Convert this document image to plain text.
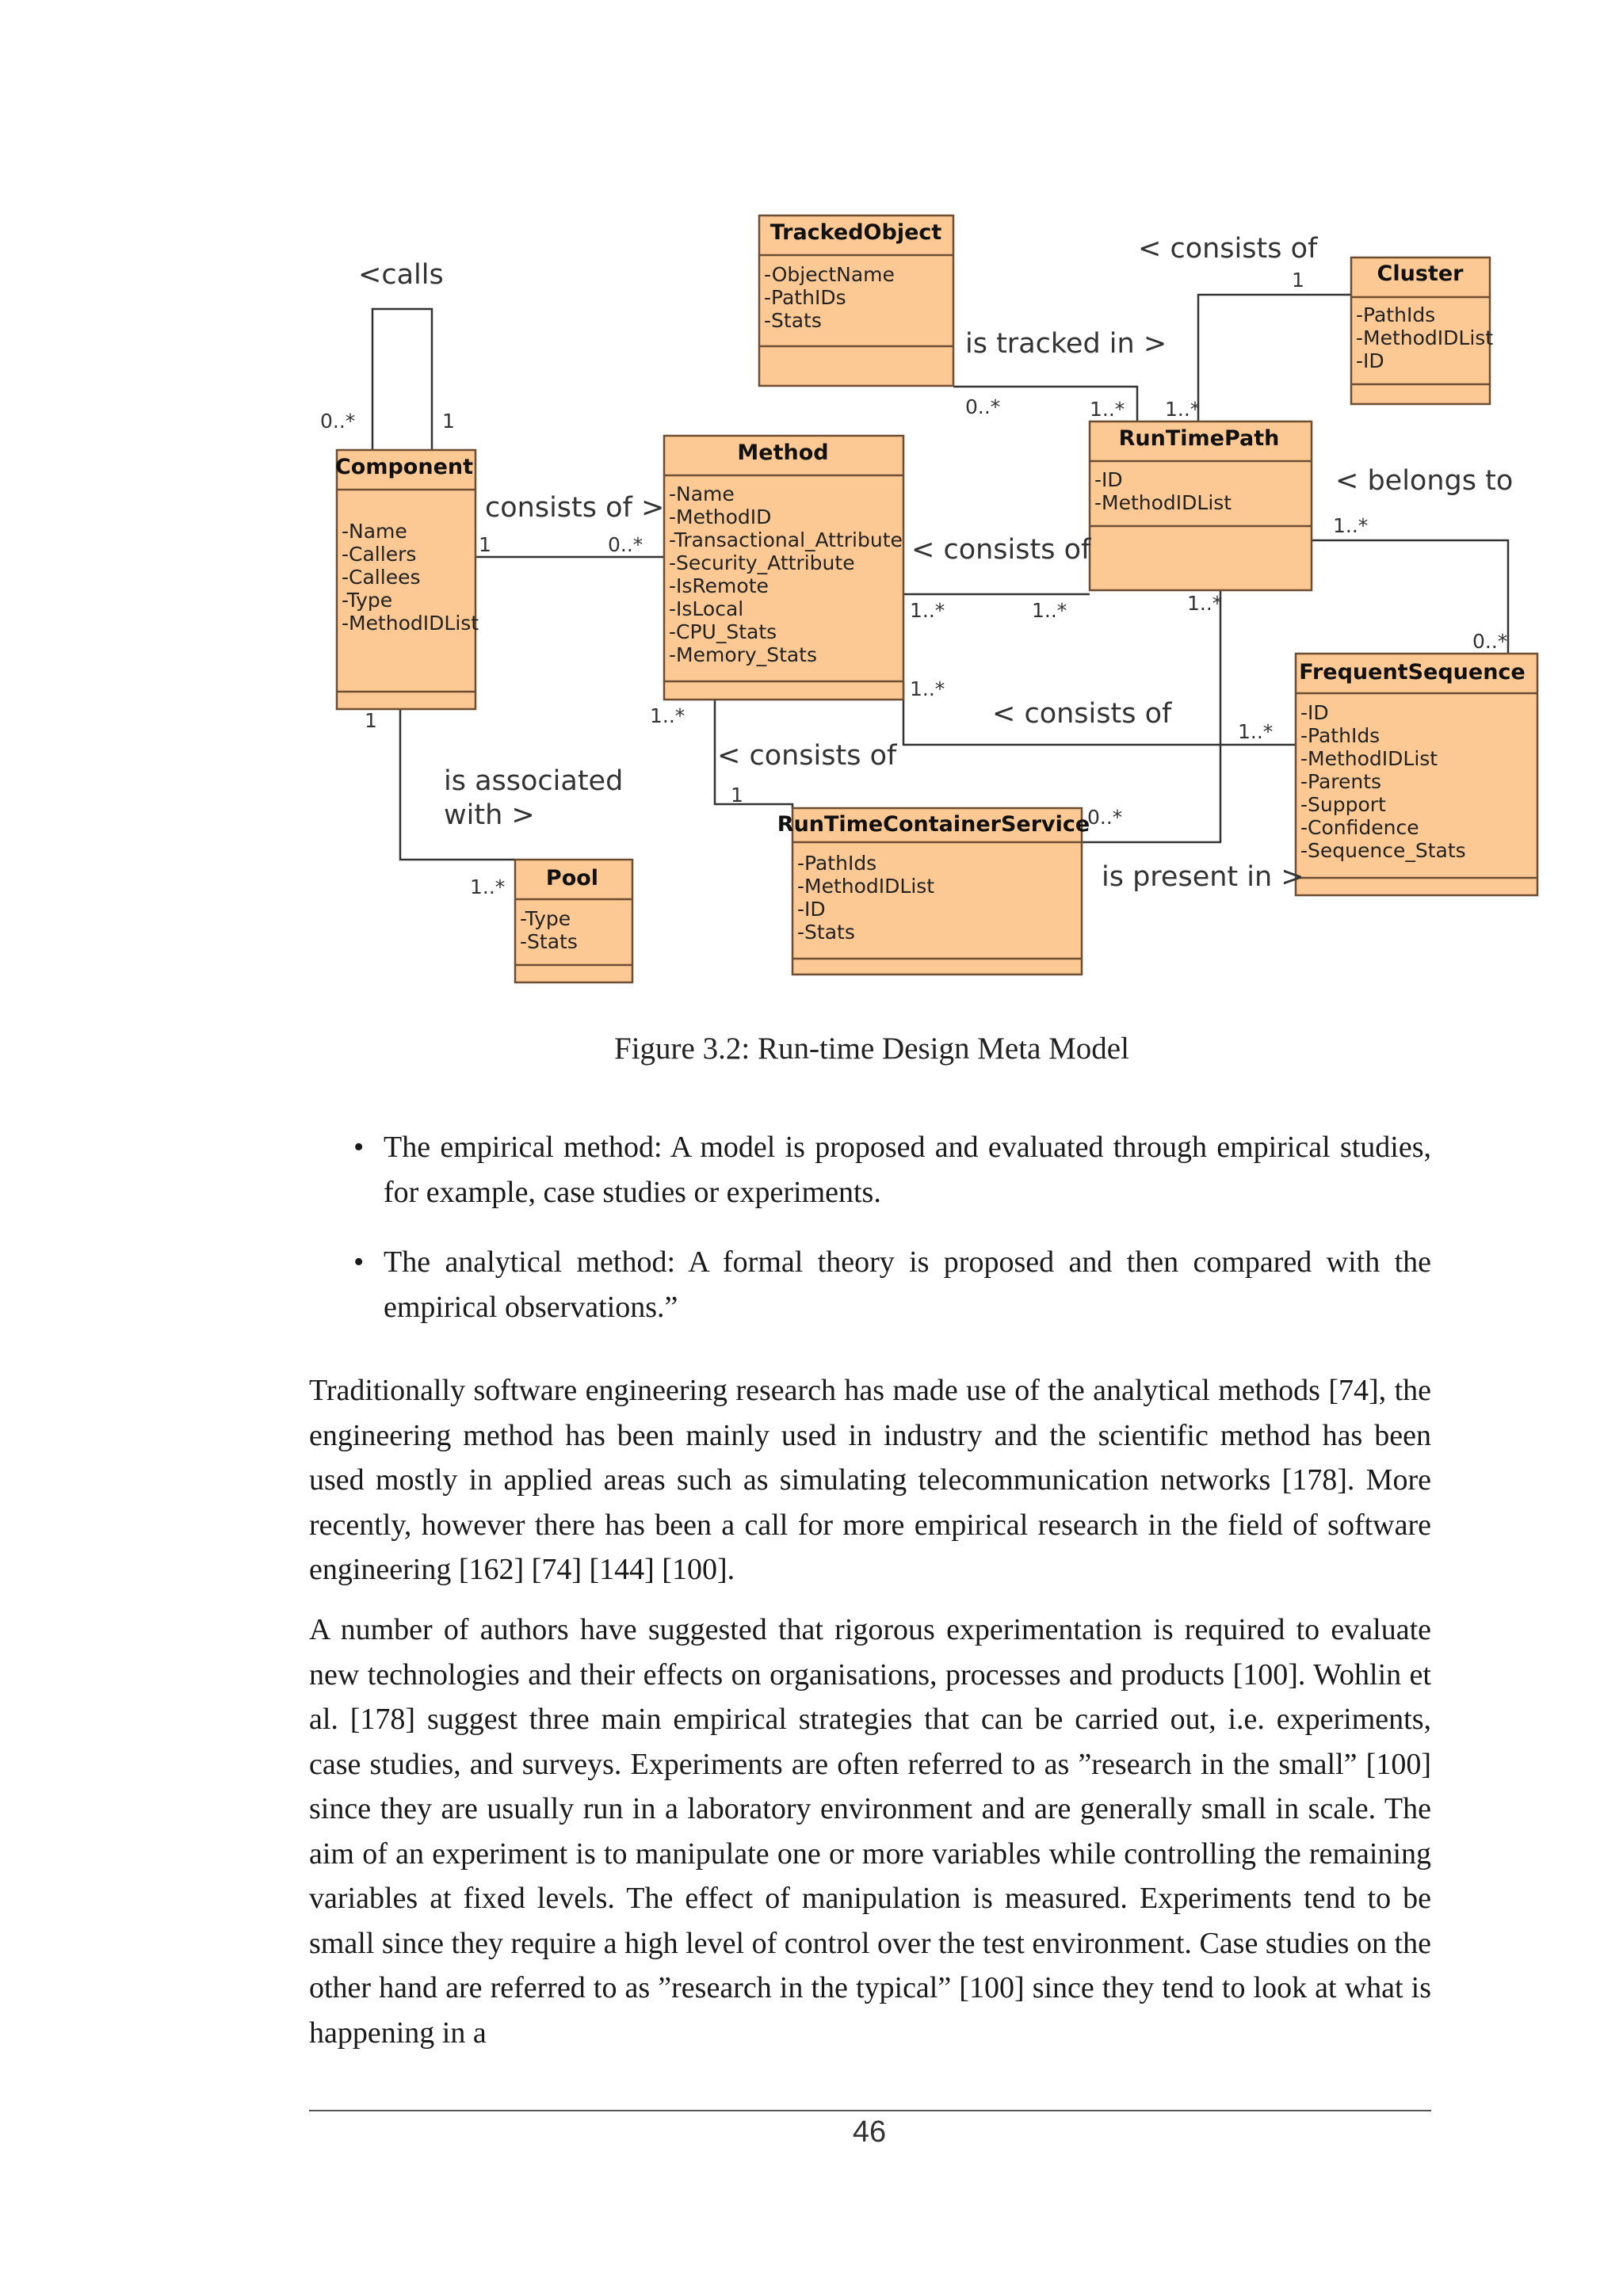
TrackedObject
-ObjectName
-PathIDs
-Stats
Cluster
-PathIds
-MethodIDList
-ID
Component
-Name
-Callers
-Callees
-Type
-MethodIDList
Method
-Name
-MethodID
-Transactional_Attribute
-Security_Attribute
-IsRemote
-IsLocal
-CPU_Stats
-Memory_Stats
RunTimePath
-ID
-MethodIDList
FrequentSequence
-ID
-PathIds
-MethodIDList
-Parents
-Support
-Confidence
-Sequence_Stats
RunTimeContainerService
-PathIds
-MethodIDList
-ID
-Stats
Pool
-Type
-Stats
<calls
< consists of
is tracked in >
consists of >
< consists of
< belongs to
< consists of
< consists of
is associated
with >
is present in >
0..*	1
1
0..*	1..* 1..*
1	0..*
1..*	1..*
1..*
0..*
1..*
1..*
1..*
1..*
1
0..*
1
1..*
Figure 3.2: Run-time Design Meta Model
• The empirical method: A model is proposed and evaluated through empirical studies, for example, case studies or experiments.
• The analytical method: A formal theory is proposed and then compared with the empirical observations.”

Traditionally software engineering research has made use of the analytical methods [74], the engineering method has been mainly used in industry and the scientific method has been used mostly in applied areas such as simulating telecommunication networks [178]. More recently, however there has been a call for more empirical research in the field of software engineering [162] [74] [144] [100].

A number of authors have suggested that rigorous experimentation is required to evaluate new technologies and their effects on organisations, processes and products [100]. Wohlin et al. [178] suggest three main empirical strategies that can be carried out, i.e. experiments, case studies, and surveys. Experiments are often referred to as ”research in the small” [100] since they are usually run in a laboratory environment and are generally small in scale. The aim of an experiment is to manipulate one or more variables while controlling the remaining variables at fixed levels. The effect of manipulation is measured. Experiments tend to be small since they require a high level of control over the test environment. Case studies on the other hand are referred to as ”research in the typical” [100] since they tend to look at what is happening in a

46
